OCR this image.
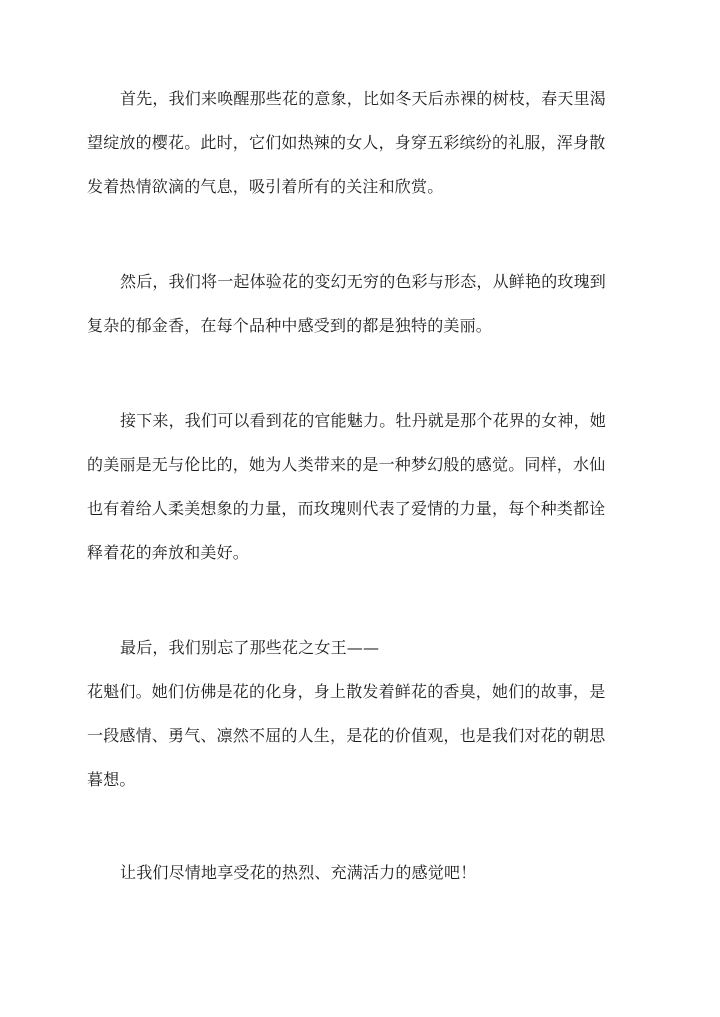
首先，我们来唤醒那些花的意象，比如冬天后赤裸的树枝，春天里渴
望绽放的樱花。此时，它们如热辣的女人，身穿五彩缤纷的礼服，浑身散
发着热情欲滴的气息，吸引着所有的关注和欣赏。
然后，我们将一起体验花的变幻无穷的色彩与形态，从鲜艳的玫瑰到
复杂的郁金香，在每个品种中感受到的都是独特的美丽。
接下来，我们可以看到花的官能魅力。牡丹就是那个花界的女神，她
的美丽是无与伦比的，她为人类带来的是一种梦幻般的感觉。同样，水仙
也有着给人柔美想象的力量，而玫瑰则代表了爱情的力量，每个种类都诠
释着花的奔放和美好。
最后，我们别忘了那些花之女王——
花魁们。她们仿佛是花的化身，身上散发着鲜花的香臭，她们的故事，是
一段感情、勇气、凛然不屈的人生，是花的价值观，也是我们对花的朝思
暮想。
让我们尽情地享受花的热烈、充满活力的感觉吧！
